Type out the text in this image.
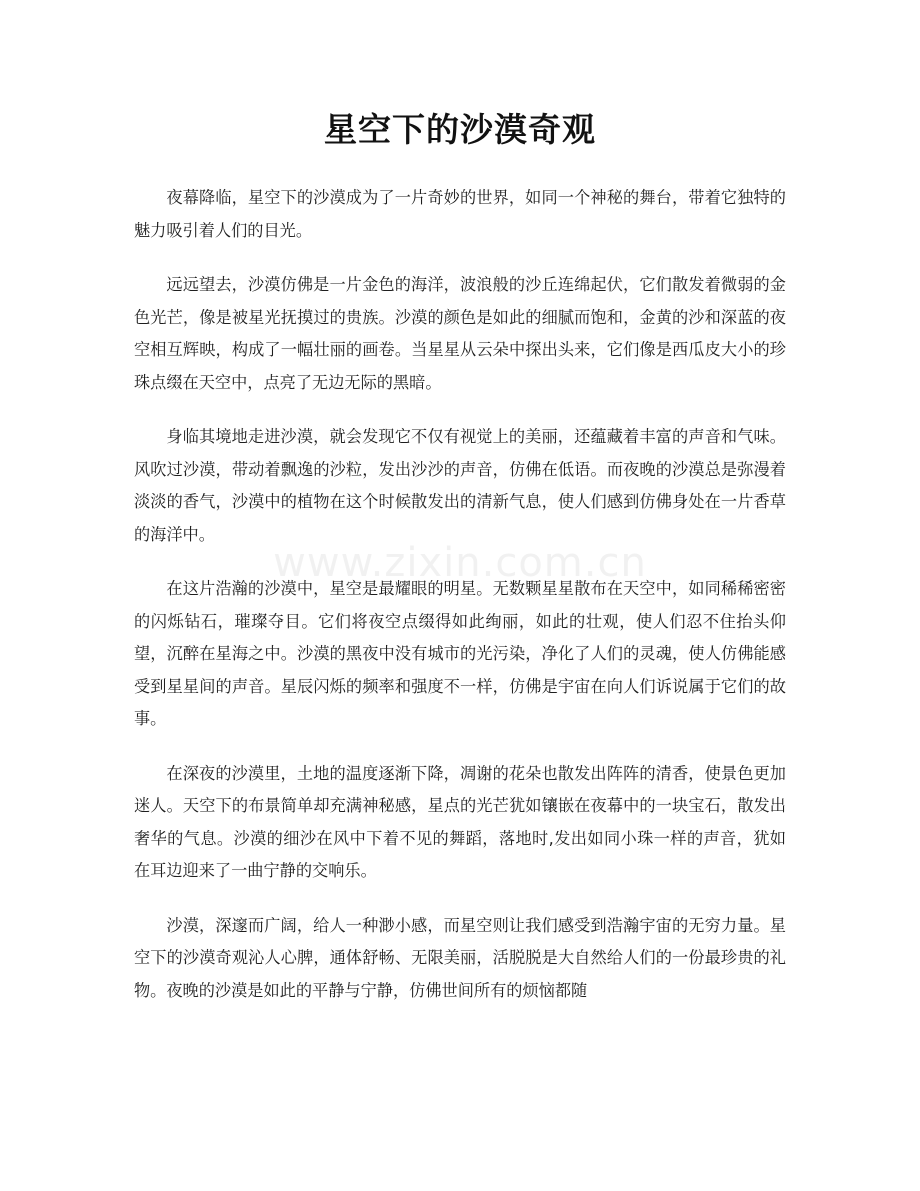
星空下的沙漠奇观

夜幕降临，星空下的沙漠成为了一片奇妙的世界，如同一个神秘的舞台，带着它独特的魅力吸引着人们的目光。

远远望去，沙漠仿佛是一片金色的海洋，波浪般的沙丘连绵起伏，它们散发着微弱的金色光芒，像是被星光抚摸过的贵族。沙漠的颜色是如此的细腻而饱和，金黄的沙和深蓝的夜空相互辉映，构成了一幅壮丽的画卷。当星星从云朵中探出头来，它们像是西瓜皮大小的珍珠点缀在天空中，点亮了无边无际的黑暗。

身临其境地走进沙漠，就会发现它不仅有视觉上的美丽，还蕴藏着丰富的声音和气味。风吹过沙漠，带动着飘逸的沙粒，发出沙沙的声音，仿佛在低语。而夜晚的沙漠总是弥漫着淡淡的香气，沙漠中的植物在这个时候散发出的清新气息，使人们感到仿佛身处在一片香草的海洋中。

在这片浩瀚的沙漠中，星空是最耀眼的明星。无数颗星星散布在天空中，如同稀稀密密的闪烁钻石，璀璨夺目。它们将夜空点缀得如此绚丽，如此的壮观，使人们忍不住抬头仰望，沉醉在星海之中。沙漠的黑夜中没有城市的光污染，净化了人们的灵魂，使人仿佛能感受到星星间的声音。星辰闪烁的频率和强度不一样，仿佛是宇宙在向人们诉说属于它们的故事。

在深夜的沙漠里，土地的温度逐渐下降，凋谢的花朵也散发出阵阵的清香，使景色更加迷人。天空下的布景简单却充满神秘感，星点的光芒犹如镶嵌在夜幕中的一块宝石，散发出奢华的气息。沙漠的细沙在风中下着不见的舞蹈，落地时,发出如同小珠一样的声音，犹如在耳边迎来了一曲宁静的交响乐。

沙漠，深邃而广阔，给人一种渺小感，而星空则让我们感受到浩瀚宇宙的无穷力量。星空下的沙漠奇观沁人心脾，通体舒畅、无限美丽，活脱脱是大自然给人们的一份最珍贵的礼物。夜晚的沙漠是如此的平静与宁静，仿佛世间所有的烦恼都随

www.zixin.com.cn
